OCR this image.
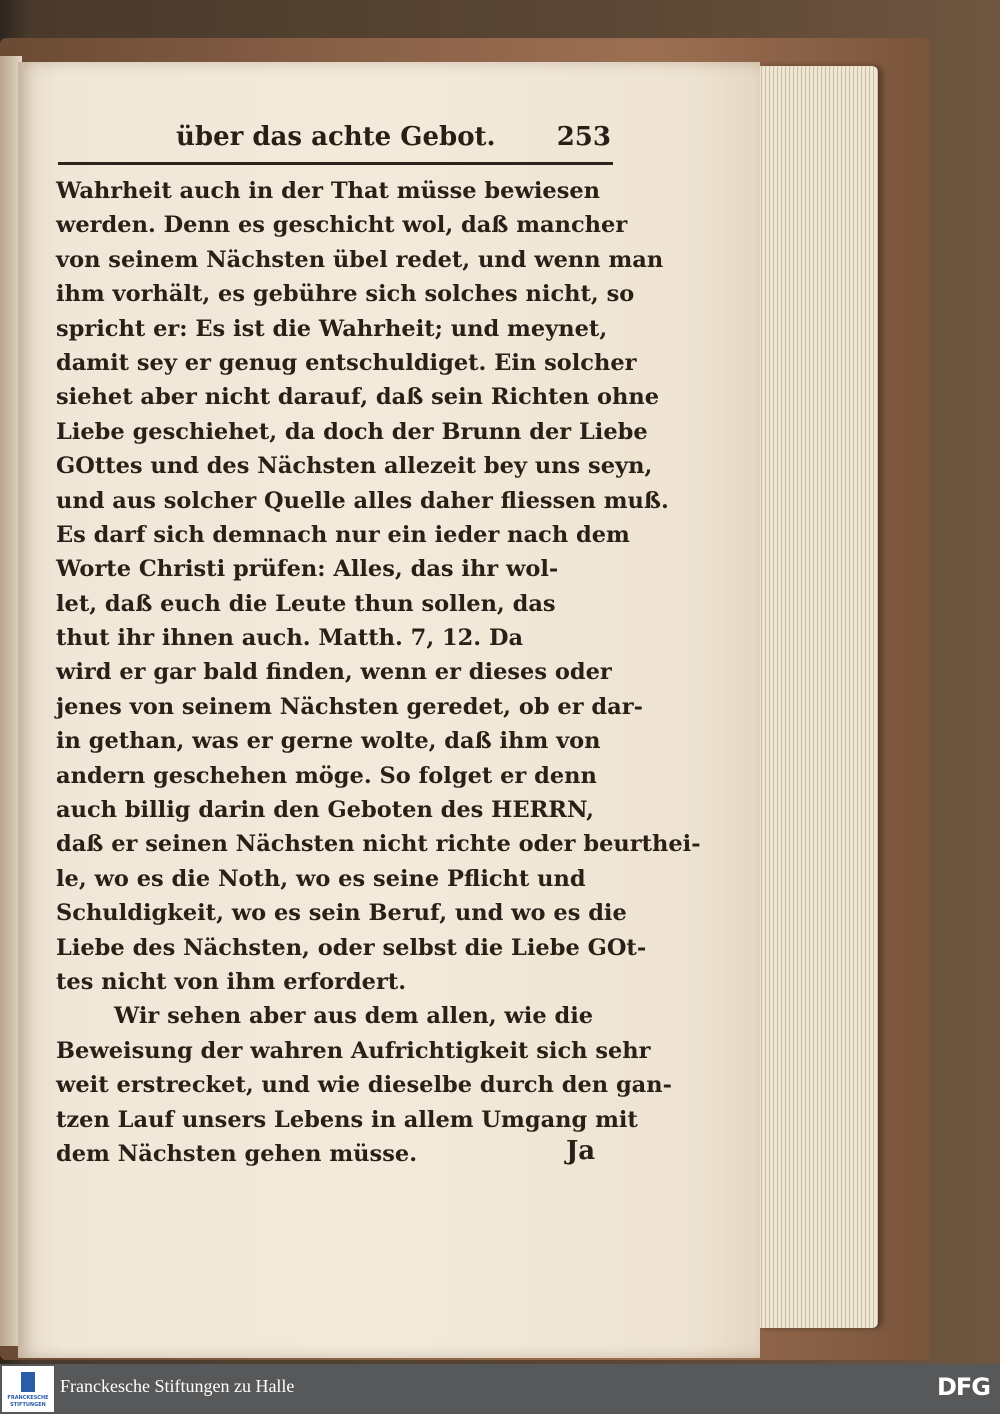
über das achte Gebot. 253
Wahrheit auch in der That müsse bewiesen
werden. Denn es geschicht wol, daß mancher
von seinem Nächsten übel redet, und wenn man
ihm vorhält, es gebühre sich solches nicht, so
spricht er: Es ist die Wahrheit; und meynet,
damit sey er genug entschuldiget. Ein solcher
siehet aber nicht darauf, daß sein Richten ohne
Liebe geschiehet, da doch der Brunn der Liebe
GOttes und des Nächsten allezeit bey uns seyn,
und aus solcher Quelle alles daher fliessen muß.
Es darf sich demnach nur ein ieder nach dem
Worte Christi prüfen: Alles, das ihr wol-
let, daß euch die Leute thun sollen, das
thut ihr ihnen auch. Matth. 7, 12. Da
wird er gar bald finden, wenn er dieses oder
jenes von seinem Nächsten geredet, ob er dar-
in gethan, was er gerne wolte, daß ihm von
andern geschehen möge. So folget er denn
auch billig darin den Geboten des HERRN,
daß er seinen Nächsten nicht richte oder beurthei-
le, wo es die Noth, wo es seine Pflicht und
Schuldigkeit, wo es sein Beruf, und wo es die
Liebe des Nächsten, oder selbst die Liebe GOt-
tes nicht von ihm erfordert.
Wir sehen aber aus dem allen, wie die
Beweisung der wahren Aufrichtigkeit sich sehr
weit erstrecket, und wie dieselbe durch den gan-
tzen Lauf unsers Lebens in allem Umgang mit
dem Nächsten gehen müsse.	Ja
FRANCKESCHE
STIFTUNGEN
Franckesche Stiftungen zu Halle	DFG
